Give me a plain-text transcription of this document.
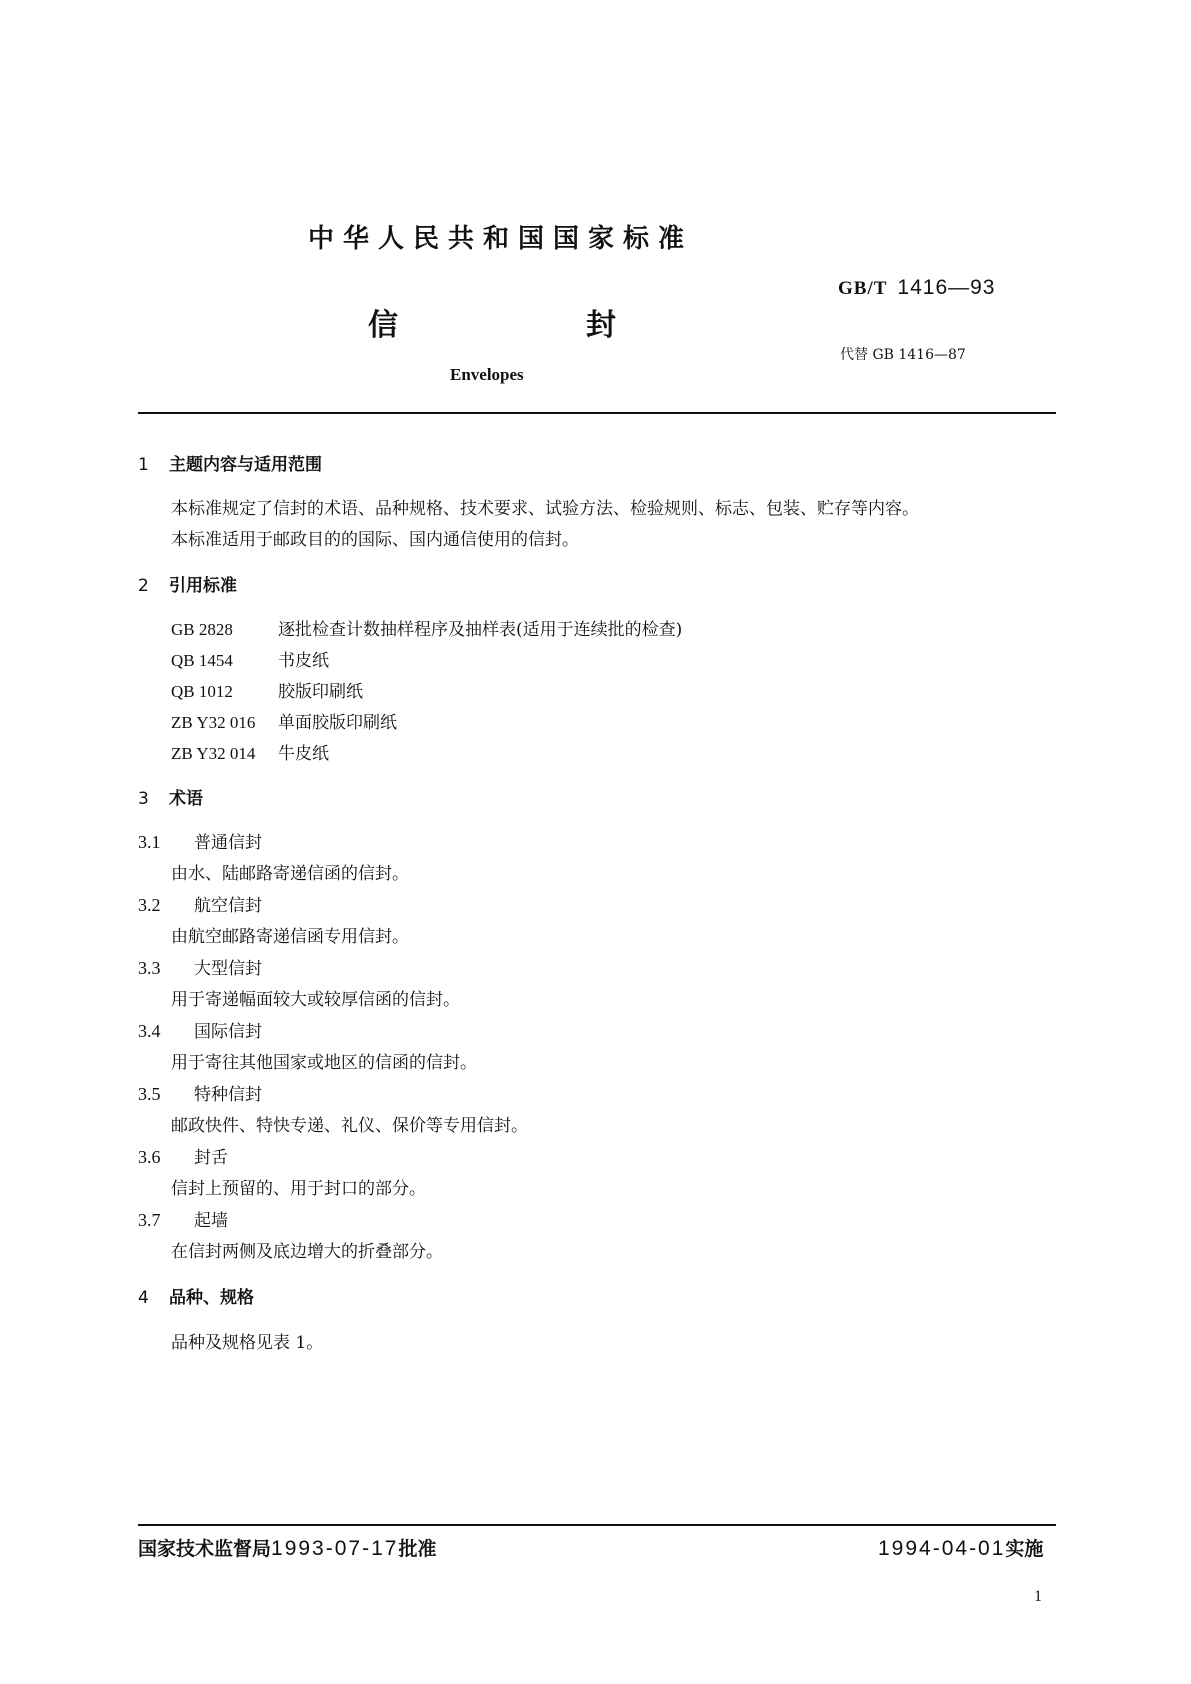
中华人民共和国国家标准
GB/T 1416—93
信	封
代替 GB 1416—87
Envelopes
1 主题内容与适用范围
本标准规定了信封的术语、品种规格、技术要求、试验方法、检验规则、标志、包装、贮存等内容。
本标准适用于邮政目的的国际、国内通信使用的信封。
2 引用标准
GB 2828	逐批检查计数抽样程序及抽样表(适用于连续批的检查)
QB 1454	书皮纸
QB 1012	胶版印刷纸
ZB Y32 016 单面胶版印刷纸
ZB Y32 014 牛皮纸
3 术语
3.1 普通信封
由水、陆邮路寄递信函的信封。
3.2 航空信封
由航空邮路寄递信函专用信封。
3.3 大型信封
用于寄递幅面较大或较厚信函的信封。
3.4 国际信封
用于寄往其他国家或地区的信函的信封。
3.5 特种信封
邮政快件、特快专递、礼仪、保价等专用信封。
3.6 封舌
信封上预留的、用于封口的部分。
3.7 起墙
在信封两侧及底边增大的折叠部分。
4 品种、规格
品种及规格见表 1。
国家技术监督局1993-07-17批准	1994-04-01实施
1
